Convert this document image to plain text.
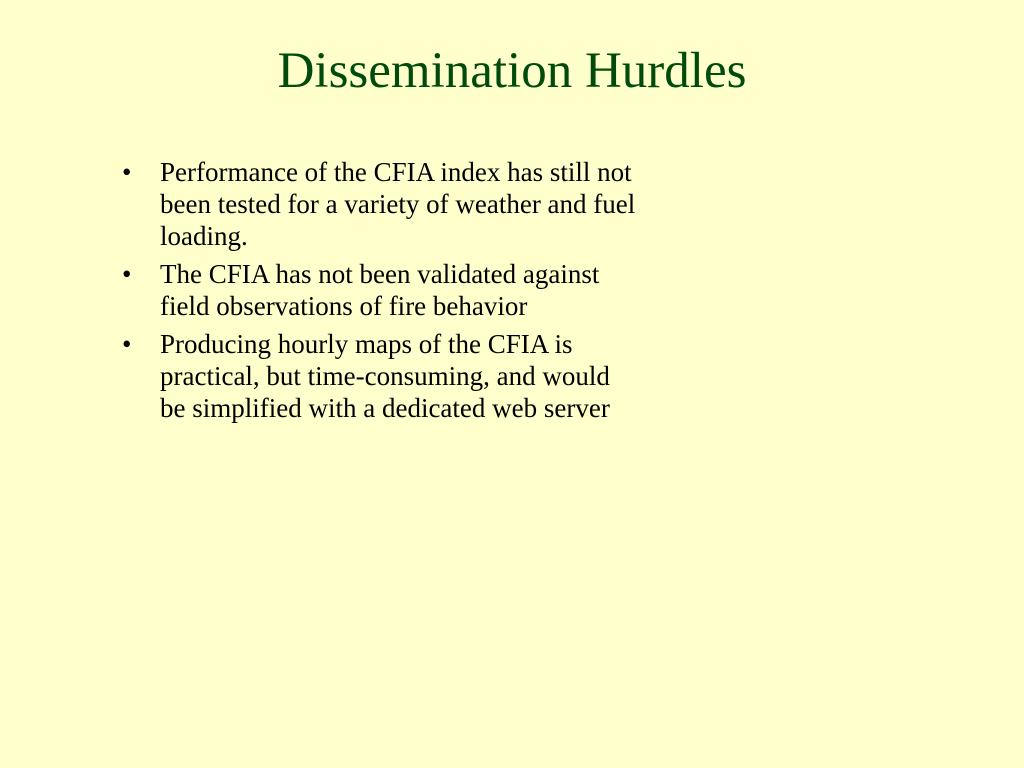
Dissemination Hurdles
•	Performance of the CFIA index has still not been tested for a variety of weather and fuel loading.
•	The CFIA has not been validated against field observations of fire behavior
•	Producing hourly maps of the CFIA is practical, but time-consuming, and would be simplified with a dedicated web server
